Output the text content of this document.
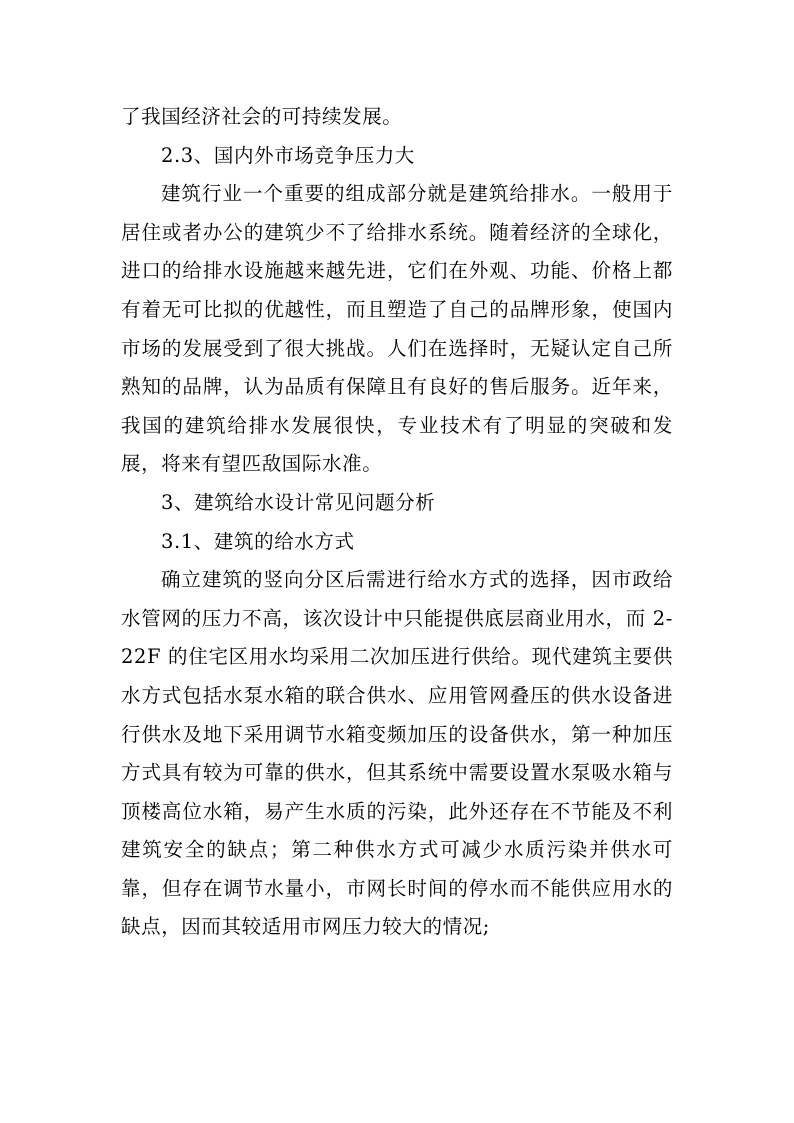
了我国经济社会的可持续发展。

2.3、国内外市场竞争压力大

建筑行业一个重要的组成部分就是建筑给排水。一般用于居住或者办公的建筑少不了给排水系统。随着经济的全球化，进口的给排水设施越来越先进，它们在外观、功能、价格上都有着无可比拟的优越性，而且塑造了自己的品牌形象，使国内市场的发展受到了很大挑战。人们在选择时，无疑认定自己所熟知的品牌，认为品质有保障且有良好的售后服务。近年来，我国的建筑给排水发展很快，专业技术有了明显的突破和发展，将来有望匹敌国际水准。

3、建筑给水设计常见问题分析

3.1、建筑的给水方式

确立建筑的竖向分区后需进行给水方式的选择，因市政给水管网的压力不高，该次设计中只能提供底层商业用水，而 2-22F 的住宅区用水均采用二次加压进行供给。现代建筑主要供水方式包括水泵水箱的联合供水、应用管网叠压的供水设备进行供水及地下采用调节水箱变频加压的设备供水，第一种加压方式具有较为可靠的供水，但其系统中需要设置水泵吸水箱与顶楼高位水箱，易产生水质的污染，此外还存在不节能及不利建筑安全的缺点；第二种供水方式可减少水质污染并供水可靠，但存在调节水量小，市网长时间的停水而不能供应用水的缺点，因而其较适用市网压力较大的情况;
